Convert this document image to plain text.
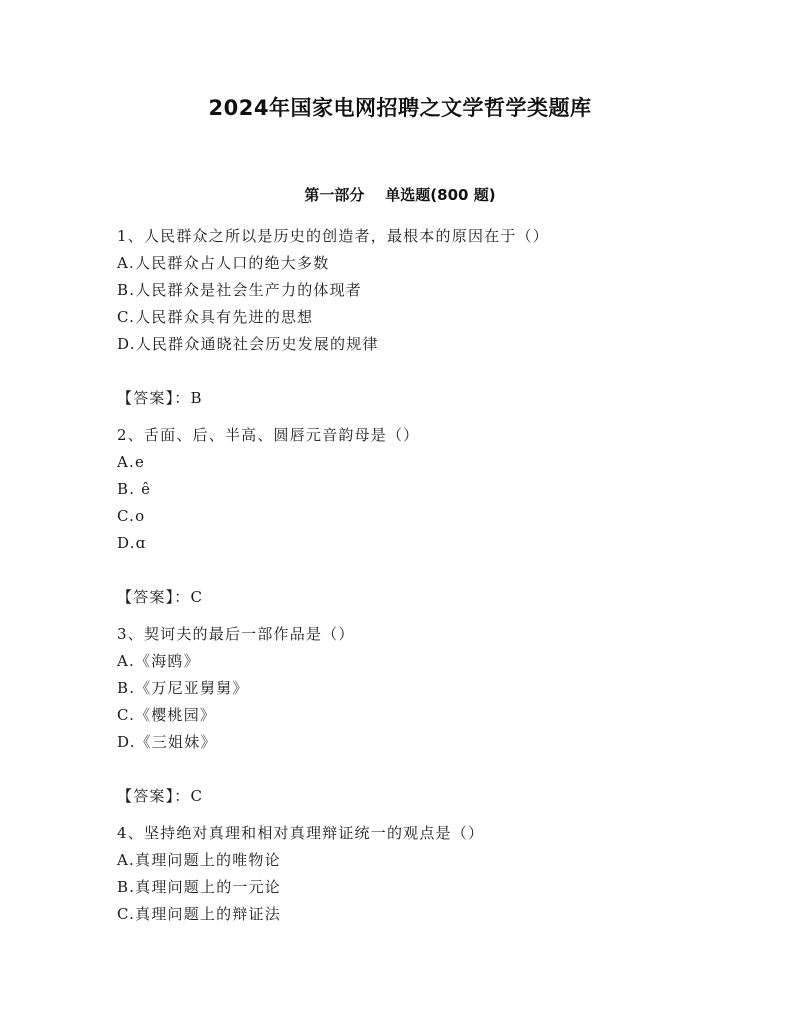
2024年国家电网招聘之文学哲学类题库
第一部分    单选题(800 题)
1、人民群众之所以是历史的创造者，最根本的原因在于（）
A.人民群众占人口的绝大多数
B.人民群众是社会生产力的体现者
C.人民群众具有先进的思想
D.人民群众通晓社会历史发展的规律
【答案】：B
2、舌面、后、半高、圆唇元音韵母是（）
A.e
B. ê
C.o
D.ɑ
【答案】：C
3、契诃夫的最后一部作品是（）
A.《海鸥》
B.《万尼亚舅舅》
C.《樱桃园》
D.《三姐妹》
【答案】：C
4、坚持绝对真理和相对真理辩证统一的观点是（）
A.真理问题上的唯物论
B.真理问题上的一元论
C.真理问题上的辩证法
